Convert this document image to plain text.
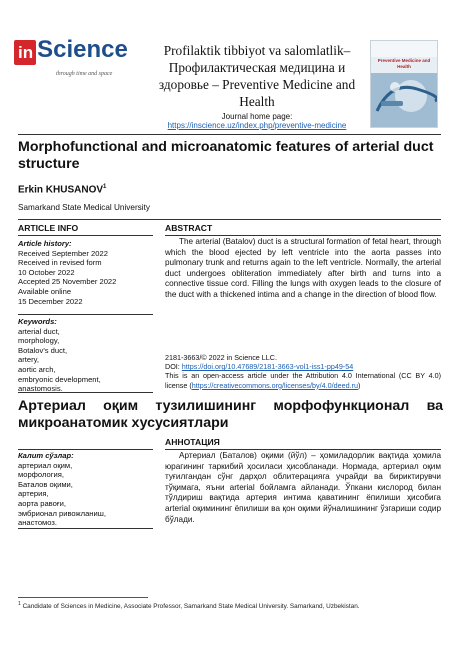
in Science
through time and space
Profilaktik tibbiyot va salomlatlik– Профилактическая медицина и здоровье – Preventive Medicine and Health
Journal home page:
https://inscience.uz/index.php/preventive-medicine
Preventive Medicine and Health
Morphofunctional and microanatomic features of arterial duct structure
Erkin KHUSANOV$^1$
Samarkand State Medical University
ARTICLE INFO
Article history:
Received September 2022
Received in revised form
10 October 2022
Accepted 25 November 2022
Available online
15 December 2022
Keywords:
arterial duct,
morphology,
Botalov's duct,
artery,
aortic arch,
embryonic development,
anastomosis.
ABSTRACT
The arterial (Batalov) duct is a structural formation of fetal heart, through which the blood ejected by left ventricle into the aorta passes into pulmonary trunk and returns again to the left ventricle. Normally, the arterial duct undergoes obliteration immediately after birth and turns into a connective tissue cord. Filling the lungs with oxygen leads to the closure of the duct with a thickened intima and a change in the direction of blood flow.
2181-3663/© 2022 in Science LLC.
DOI: https://doi.org/10.47689/2181-3663-vol1-iss1-pp49-54
This is an open-access article under the Attribution 4.0 International (CC BY 4.0) license (https://creativecommons.org/licenses/by/4.0/deed.ru)
Артериал оқим тузилишининг морфофункционал ва микроанатомик хусусиятлари
Калит сўзлар:
артериал оқим,
морфология,
Баталов оқими,
артерия,
аорта равоғи,
эмбрионал ривожланиш,
анастомоз.
АННОТАЦИЯ
Артериал (Баталов) оқими (йўл) – ҳомиладорлик вақтида ҳомила юрагининг таркибий ҳосиласи ҳисобланади. Нормада, артериал оқим туғилгандан сўнг дарҳол облитерацияга учрайди ва бириктирувчи тўқимага, яъни arterial бойламга айланади. Ўпкани кислород билан тўлдириш вақтида артерия интима қаватининг ёпилиши ҳисобига arterial оқимининг ёпилиши ва қон оқими йўналишининг ўзгариши содир бўлади.
$^1$ Candidate of Sciences in Medicine, Associate Professor, Samarkand State Medical University. Samarkand, Uzbekistan.
